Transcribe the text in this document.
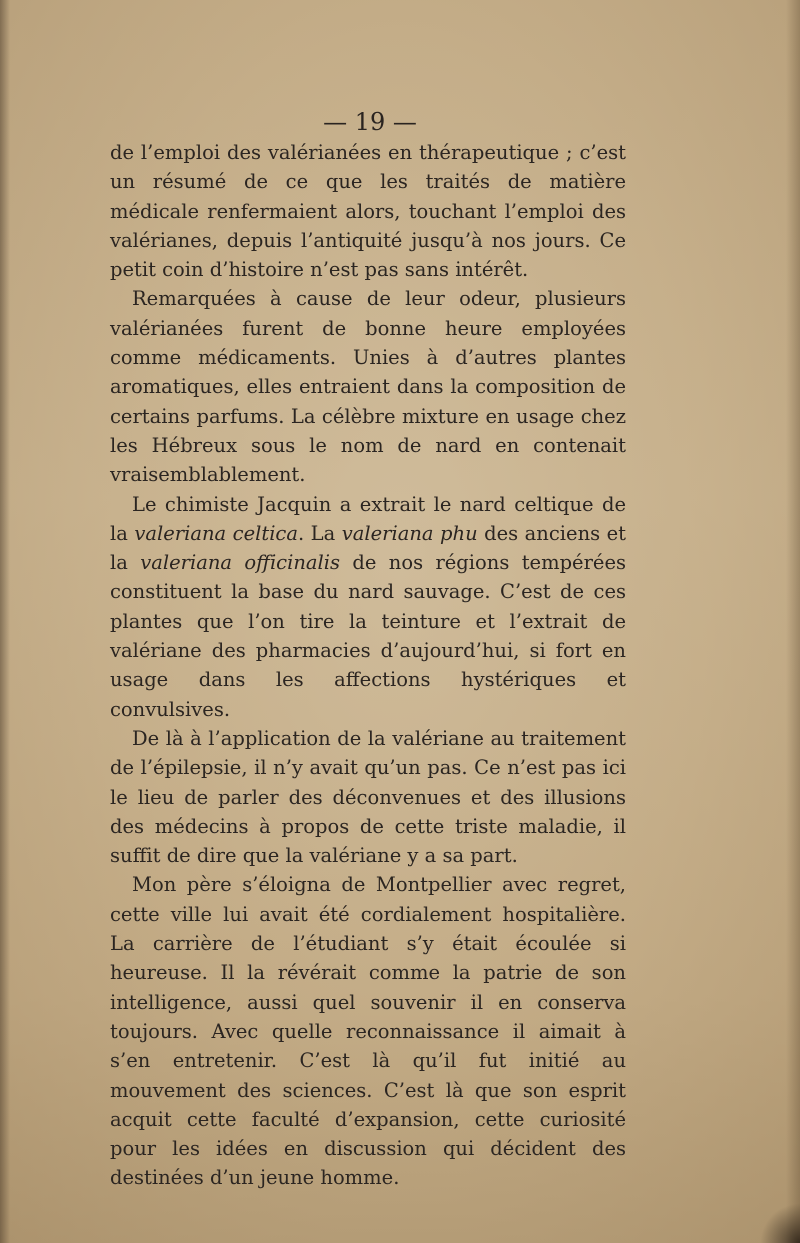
— 19 —

de l’emploi des valérianées en thérapeutique ; c’est un résumé de ce que les traités de matière médicale renfermaient alors, touchant l’emploi des valérianes, depuis l’antiquité jusqu’à nos jours. Ce petit coin d’histoire n’est pas sans intérêt.

Remarquées à cause de leur odeur, plusieurs valérianées furent de bonne heure employées comme médicaments. Unies à d’autres plantes aromatiques, elles entraient dans la composition de certains parfums. La célèbre mixture en usage chez les Hébreux sous le nom de nard en contenait vraisemblablement.

Le chimiste Jacquin a extrait le nard celtique de la valeriana celtica. La valeriana phu des anciens et la valeriana officinalis de nos régions tempérées constituent la base du nard sauvage. C’est de ces plantes que l’on tire la teinture et l’extrait de valériane des pharmacies d’aujourd’hui, si fort en usage dans les affections hystériques et convulsives.

De là à l’application de la valériane au traitement de l’épilepsie, il n’y avait qu’un pas. Ce n’est pas ici le lieu de parler des déconvenues et des illusions des médecins à propos de cette triste maladie, il suffit de dire que la valériane y a sa part.

Mon père s’éloigna de Montpellier avec regret, cette ville lui avait été cordialement hospitalière. La carrière de l’étudiant s’y était écoulée si heureuse. Il la révérait comme la patrie de son intelligence, aussi quel souvenir il en conserva toujours. Avec quelle reconnaissance il aimait à s’en entretenir. C’est là qu’il fut initié au mouvement des sciences. C’est là que son esprit acquit cette faculté d’expansion, cette curiosité pour les idées en discussion qui décident des destinées d’un jeune homme.
